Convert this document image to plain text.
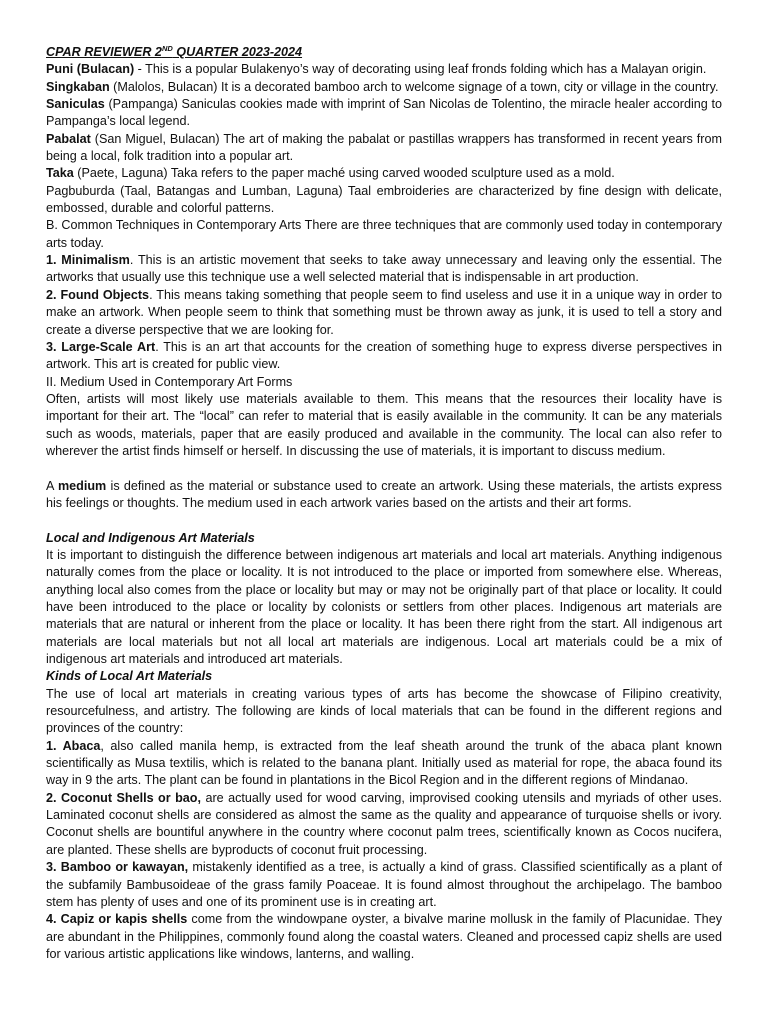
CPAR REVIEWER 2ND QUARTER 2023-2024

Puni (Bulacan) - This is a popular Bulakenyo’s way of decorating using leaf fronds folding which has a Malayan origin.

Singkaban (Malolos, Bulacan) It is a decorated bamboo arch to welcome signage of a town, city or village in the country.

Saniculas (Pampanga) Saniculas cookies made with imprint of San Nicolas de Tolentino, the miracle healer according to Pampanga’s local legend.

Pabalat (San Miguel, Bulacan) The art of making the pabalat or pastillas wrappers has transformed in recent years from being a local, folk tradition into a popular art.

Taka (Paete, Laguna) Taka refers to the paper maché using carved wooded sculpture used as a mold.

Pagbuburda (Taal, Batangas and Lumban, Laguna) Taal embroideries are characterized by fine design with delicate, embossed, durable and colorful patterns.

B. Common Techniques in Contemporary Arts There are three techniques that are commonly used today in contemporary arts today.

1. Minimalism. This is an artistic movement that seeks to take away unnecessary and leaving only the essential. The artworks that usually use this technique use a well selected material that is indispensable in art production.

2. Found Objects. This means taking something that people seem to find useless and use it in a unique way in order to make an artwork. When people seem to think that something must be thrown away as junk, it is used to tell a story and create a diverse perspective that we are looking for.

3. Large-Scale Art. This is an art that accounts for the creation of something huge to express diverse perspectives in artwork. This art is created for public view.

II. Medium Used in Contemporary Art Forms

Often, artists will most likely use materials available to them. This means that the resources their locality have is important for their art. The “local” can refer to material that is easily available in the community. It can be any materials such as woods, materials, paper that are easily produced and available in the community. The local can also refer to wherever the artist finds himself or herself. In discussing the use of materials, it is important to discuss medium.

A medium is defined as the material or substance used to create an artwork. Using these materials, the artists express his feelings or thoughts. The medium used in each artwork varies based on the artists and their art forms.

Local and Indigenous Art Materials

It is important to distinguish the difference between indigenous art materials and local art materials. Anything indigenous naturally comes from the place or locality. It is not introduced to the place or imported from somewhere else. Whereas, anything local also comes from the place or locality but may or may not be originally part of that place or locality. It could have been introduced to the place or locality by colonists or settlers from other places. Indigenous art materials are materials that are natural or inherent from the place or locality. It has been there right from the start. All indigenous art materials are local materials but not all local art materials are indigenous. Local art materials could be a mix of indigenous art materials and introduced art materials.

Kinds of Local Art Materials

The use of local art materials in creating various types of arts has become the showcase of Filipino creativity, resourcefulness, and artistry. The following are kinds of local materials that can be found in the different regions and provinces of the country:

1. Abaca, also called manila hemp, is extracted from the leaf sheath around the trunk of the abaca plant known scientifically as Musa textilis, which is related to the banana plant. Initially used as material for rope, the abaca found its way in 9 the arts. The plant can be found in plantations in the Bicol Region and in the different regions of Mindanao.

2. Coconut Shells or bao, are actually used for wood carving, improvised cooking utensils and myriads of other uses. Laminated coconut shells are considered as almost the same as the quality and appearance of turquoise shells or ivory. Coconut shells are bountiful anywhere in the country where coconut palm trees, scientifically known as Cocos nucifera, are planted. These shells are byproducts of coconut fruit processing.

3. Bamboo or kawayan, mistakenly identified as a tree, is actually a kind of grass. Classified scientifically as a plant of the subfamily Bambusoideae of the grass family Poaceae. It is found almost throughout the archipelago. The bamboo stem has plenty of uses and one of its prominent use is in creating art.

4. Capiz or kapis shells come from the windowpane oyster, a bivalve marine mollusk in the family of Placunidae. They are abundant in the Philippines, commonly found along the coastal waters. Cleaned and processed capiz shells are used for various artistic applications like windows, lanterns, and walling.
